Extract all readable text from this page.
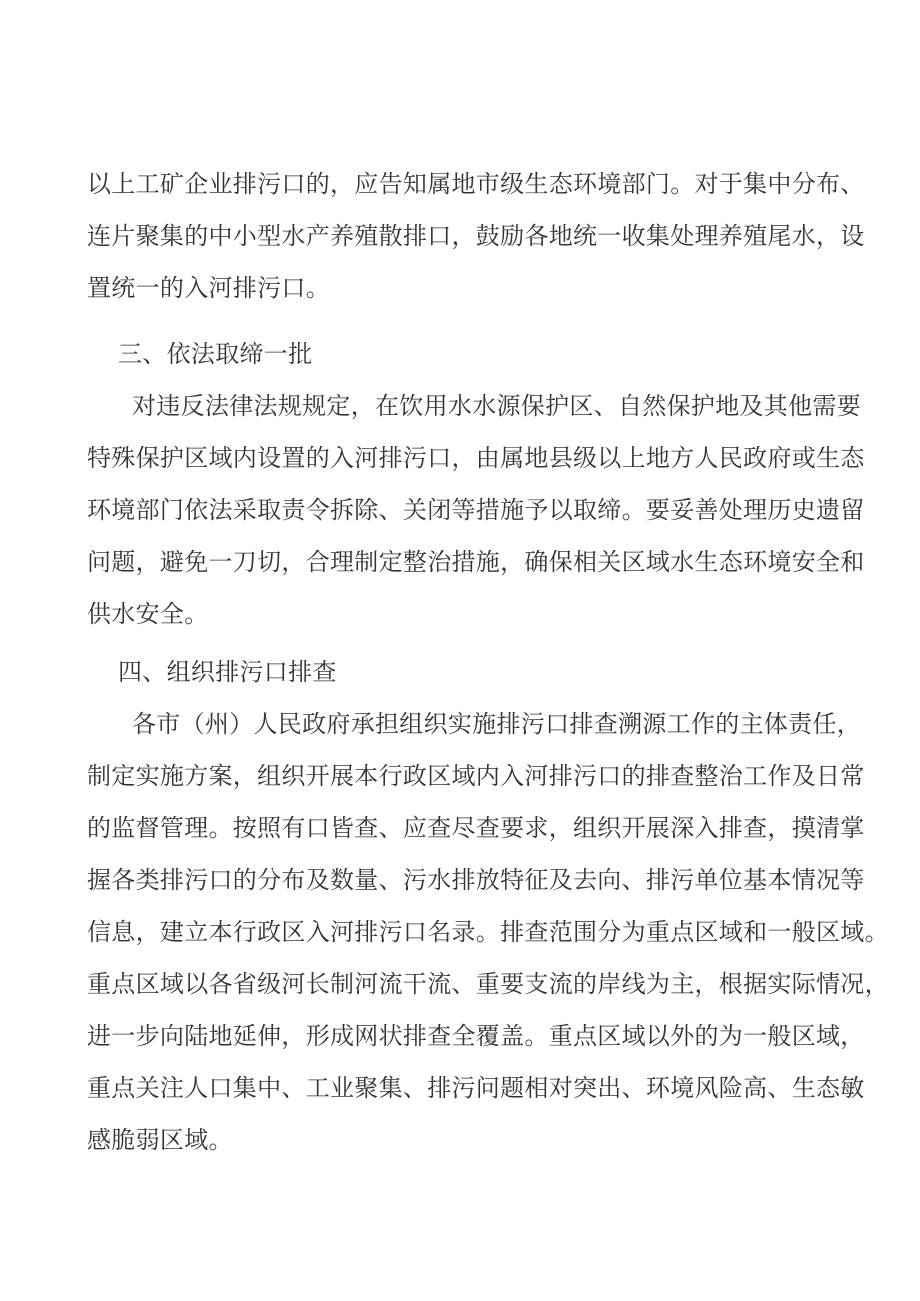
以上工矿企业排污口的，应告知属地市级生态环境部门。对于集中分布、
连片聚集的中小型水产养殖散排口，鼓励各地统一收集处理养殖尾水，设
置统一的入河排污口。
三、依法取缔一批
对违反法律法规规定，在饮用水水源保护区、自然保护地及其他需要
特殊保护区域内设置的入河排污口，由属地县级以上地方人民政府或生态
环境部门依法采取责令拆除、关闭等措施予以取缔。要妥善处理历史遗留
问题，避免一刀切，合理制定整治措施，确保相关区域水生态环境安全和
供水安全。
四、组织排污口排查
各市（州）人民政府承担组织实施排污口排查溯源工作的主体责任，
制定实施方案，组织开展本行政区域内入河排污口的排查整治工作及日常
的监督管理。按照有口皆查、应查尽查要求，组织开展深入排查，摸清掌
握各类排污口的分布及数量、污水排放特征及去向、排污单位基本情况等
信息，建立本行政区入河排污口名录。排查范围分为重点区域和一般区域。
重点区域以各省级河长制河流干流、重要支流的岸线为主，根据实际情况，
进一步向陆地延伸，形成网状排查全覆盖。重点区域以外的为一般区域，
重点关注人口集中、工业聚集、排污问题相对突出、环境风险高、生态敏
感脆弱区域。
